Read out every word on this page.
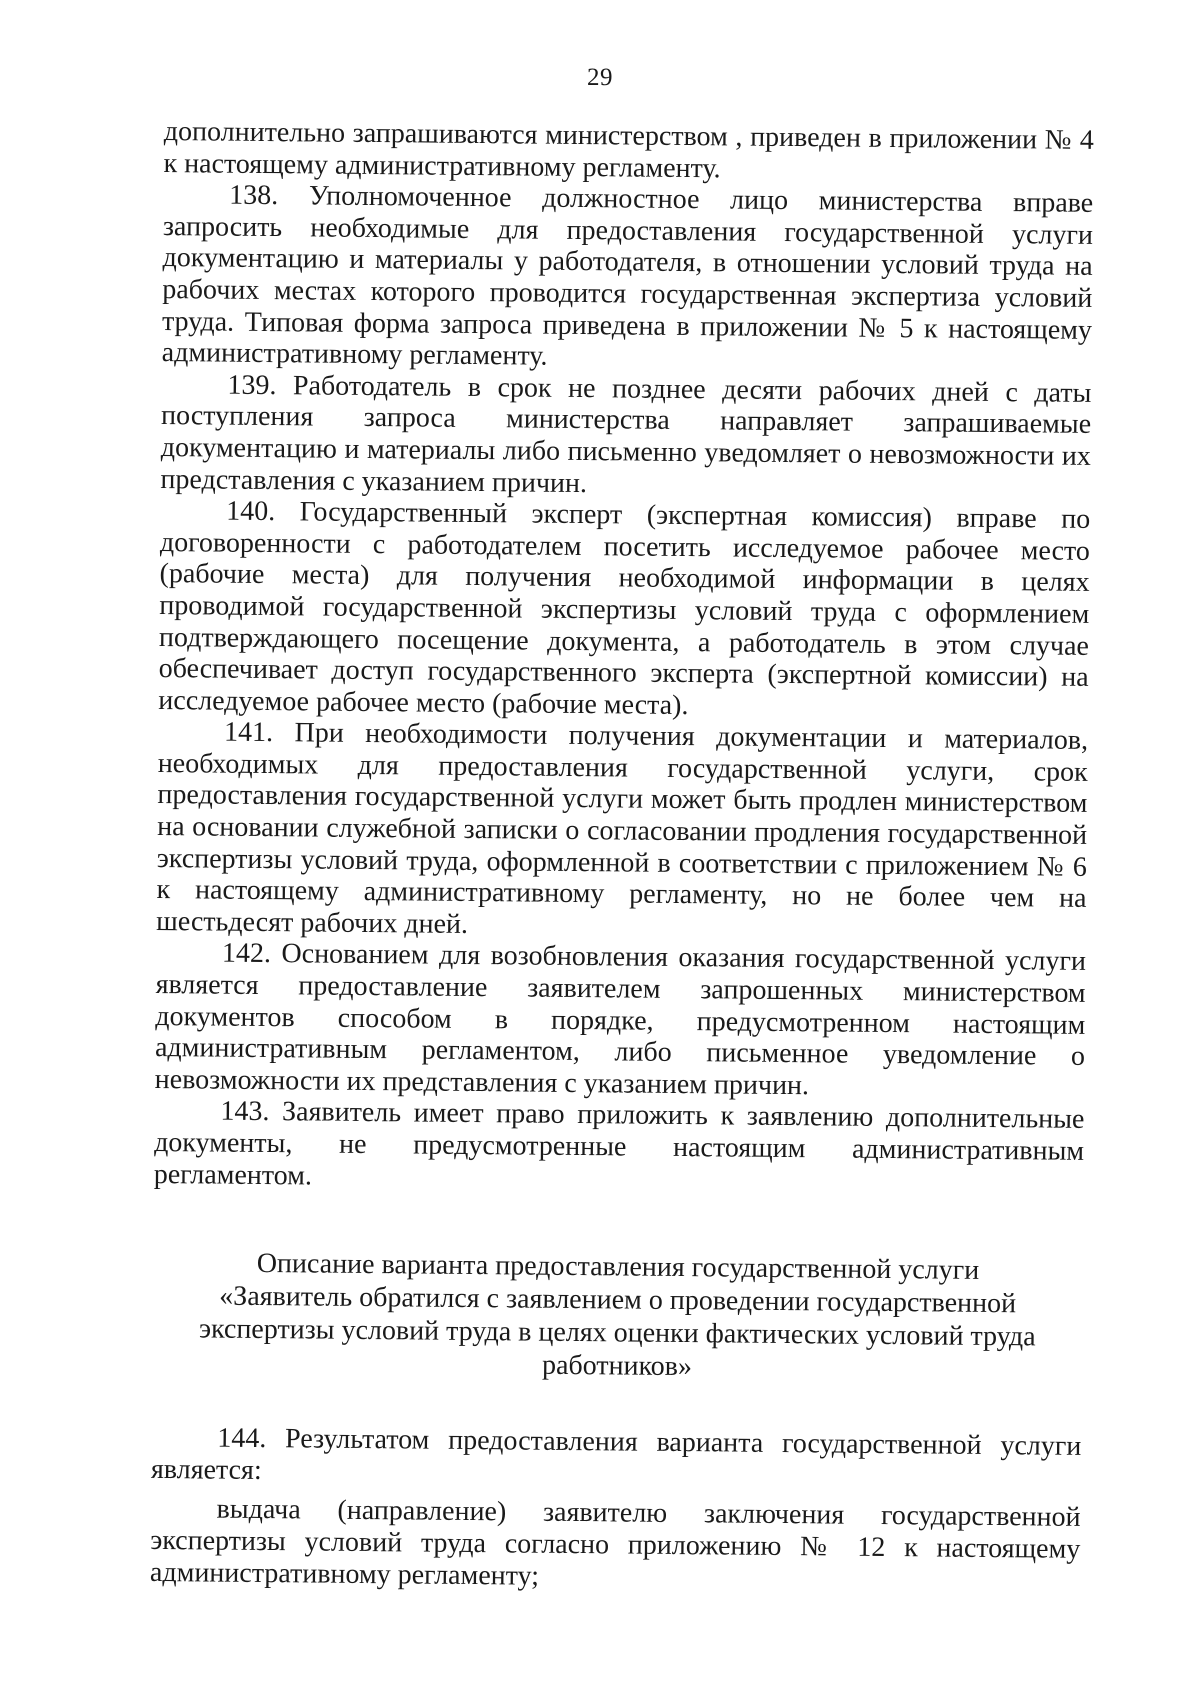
29

дополнительно запрашиваются министерством , приведен в приложении № 4 к настоящему административному регламенту.

138. Уполномоченное должностное лицо министерства вправе запросить необходимые для предоставления государственной услуги документацию и материалы у работодателя, в отношении условий труда на рабочих местах которого проводится государственная экспертиза условий труда. Типовая форма запроса приведена в приложении № 5 к настоящему административному регламенту.

139. Работодатель в срок не позднее десяти рабочих дней с даты поступления запроса министерства направляет запрашиваемые документацию и материалы либо письменно уведомляет о невозможности их представления с указанием причин.

140. Государственный эксперт (экспертная комиссия) вправе по договоренности с работодателем посетить исследуемое рабочее место (рабочие места) для получения необходимой информации в целях проводимой государственной экспертизы условий труда с оформлением подтверждающего посещение документа, а работодатель в этом случае обеспечивает доступ государственного эксперта (экспертной комиссии) на исследуемое рабочее место (рабочие места).

141. При необходимости получения документации и материалов, необходимых для предоставления государственной услуги, срок предоставления государственной услуги может быть продлен министерством на основании служебной записки о согласовании продления государственной экспертизы условий труда, оформленной в соответствии с приложением № 6 к настоящему административному регламенту, но не более чем на шестьдесят рабочих дней.

142. Основанием для возобновления оказания государственной услуги является предоставление заявителем запрошенных министерством документов способом в порядке, предусмотренном настоящим административным регламентом, либо письменное уведомление о невозможности их представления с указанием причин.

143. Заявитель имеет право приложить к заявлению дополнительные документы, не предусмотренные настоящим административным регламентом.

Описание варианта предоставления государственной услуги
«Заявитель обратился с заявлением о проведении государственной
экспертизы условий труда в целях оценки фактических условий труда
работников»

144. Результатом предоставления варианта государственной услуги является:

выдача (направление) заявителю заключения государственной экспертизы условий труда согласно приложению № 12 к настоящему административному регламенту;
